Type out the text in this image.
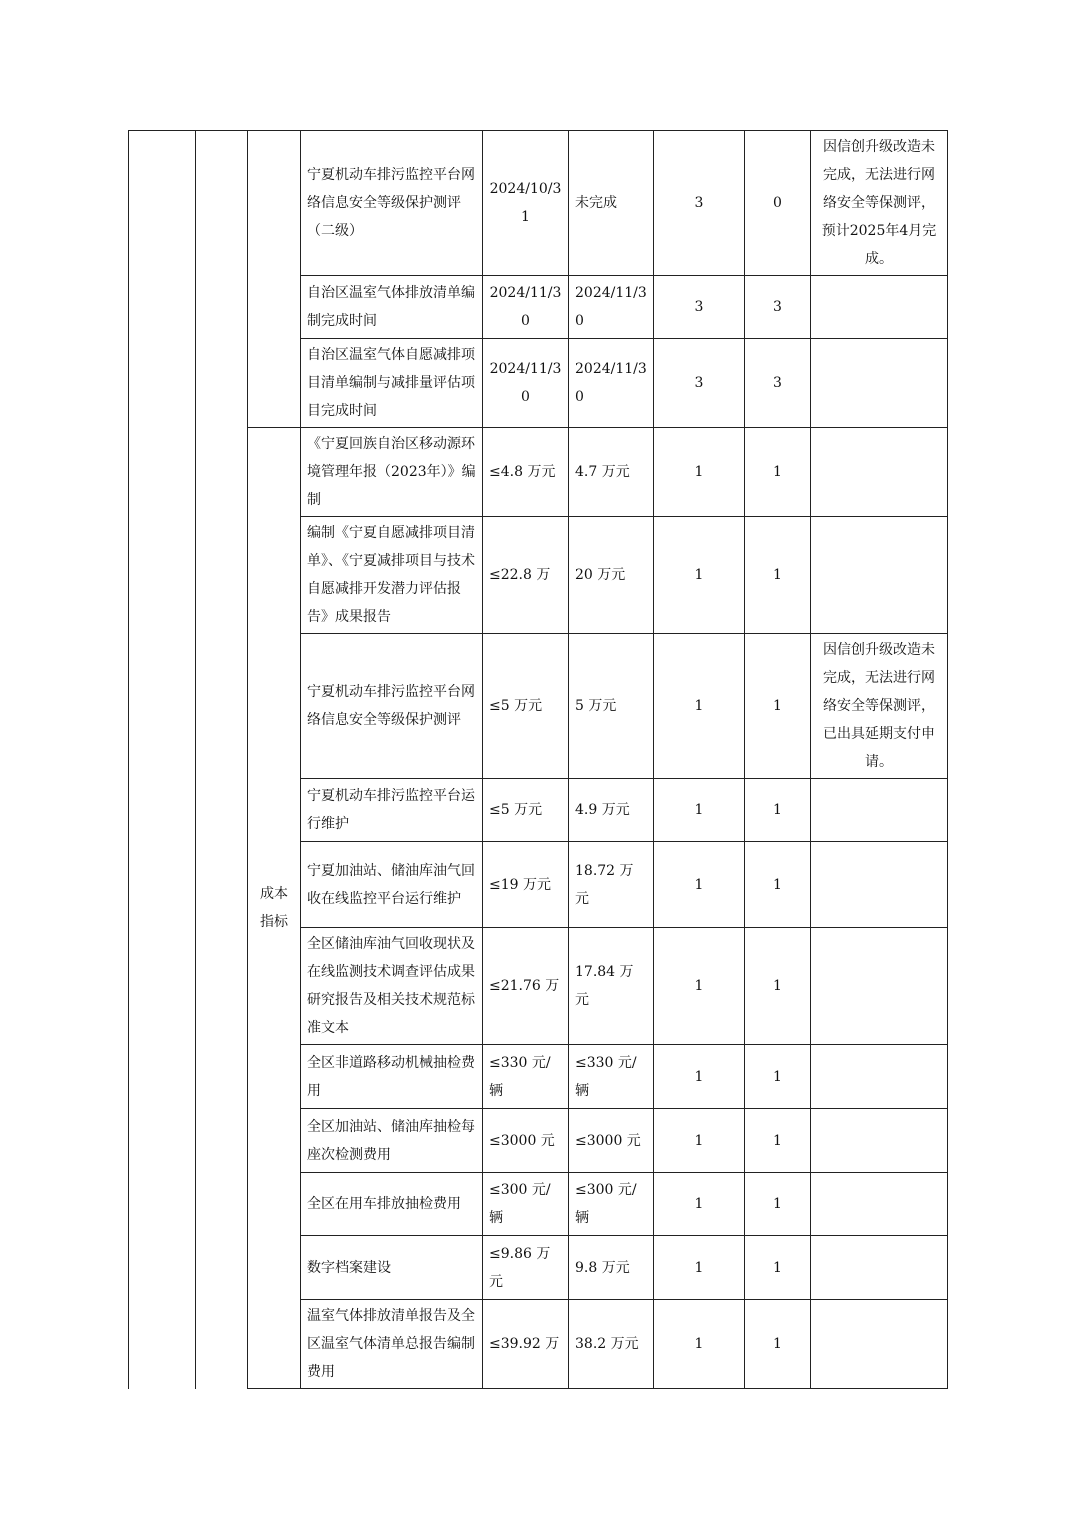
			宁夏机动车排污监控平台网络信息安全等级保护测评（二级）	2024/10/31	未完成	3	0	因信创升级改造未完成，无法进行网络安全等保测评，预计2025年4月完成。
			自治区温室气体排放清单编制完成时间	2024/11/30	2024/11/30	3	3	
			自治区温室气体自愿减排项目清单编制与减排量评估项目完成时间	2024/11/30	2024/11/30	3	3	
		成本指标	《宁夏回族自治区移动源环境管理年报（2023年）》编制	≤4.8 万元	4.7 万元	1	1	
			编制《宁夏自愿减排项目清单》、《宁夏减排项目与技术自愿减排开发潜力评估报告》成果报告	≤22.8 万	20 万元	1	1	
			宁夏机动车排污监控平台网络信息安全等级保护测评	≤5 万元	5 万元	1	1	因信创升级改造未完成，无法进行网络安全等保测评，已出具延期支付申请。
			宁夏机动车排污监控平台运行维护	≤5 万元	4.9 万元	1	1	
			宁夏加油站、储油库油气回收在线监控平台运行维护	≤19 万元	18.72 万元	1	1	
			全区储油库油气回收现状及在线监测技术调查评估成果研究报告及相关技术规范标准文本	≤21.76 万	17.84 万元	1	1	
			全区非道路移动机械抽检费用	≤330 元/辆	≤330 元/辆	1	1	
			全区加油站、储油库抽检每座次检测费用	≤3000 元	≤3000 元	1	1	
			全区在用车排放抽检费用	≤300 元/辆	≤300 元/辆	1	1	
			数字档案建设	≤9.86 万元	9.8 万元	1	1	
			温室气体排放清单报告及全区温室气体清单总报告编制费用	≤39.92 万	38.2 万元	1	1	
